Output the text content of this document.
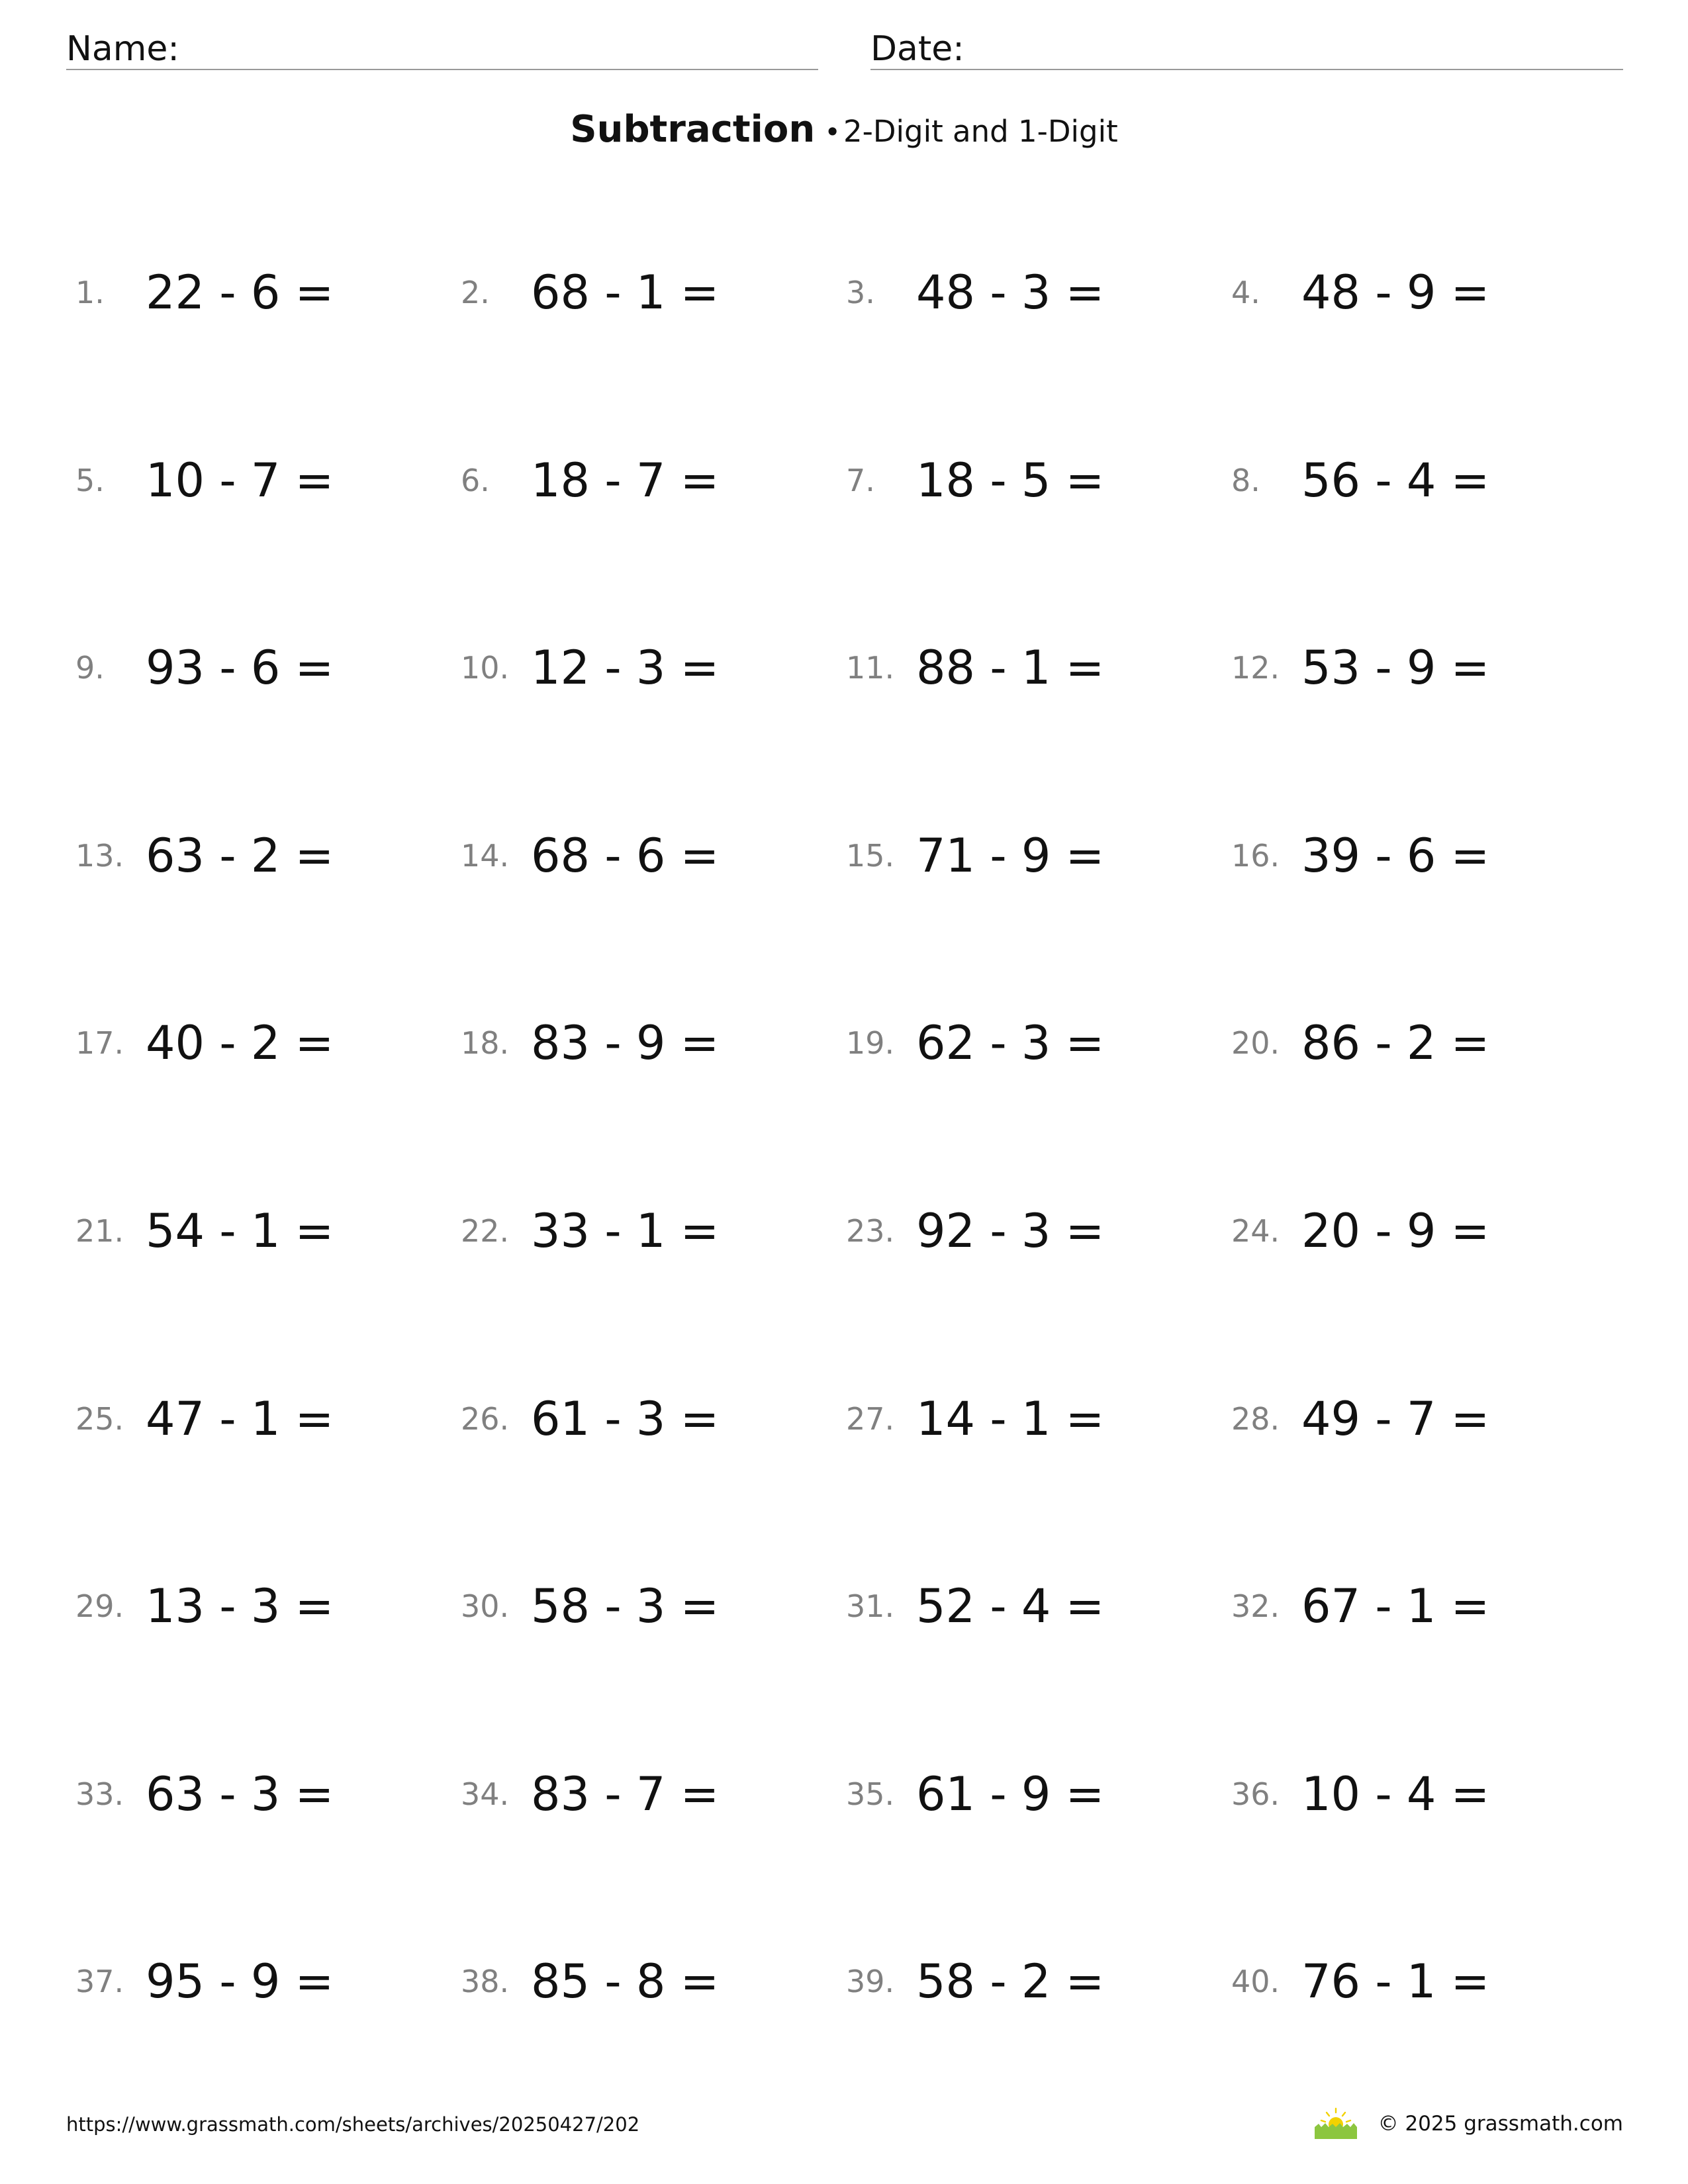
Name:	Date:
Subtraction •2-Digit and 1-Digit
1. 22 - 6 =	2. 68 - 1 =	3. 48 - 3 =	4. 48 - 9 =
5. 10 - 7 =	6. 18 - 7 =	7. 18 - 5 =	8. 56 - 4 =
9. 93 - 6 =	10. 12 - 3 =	11. 88 - 1 =	12. 53 - 9 =
13. 63 - 2 =	14. 68 - 6 =	15. 71 - 9 =	16. 39 - 6 =
17. 40 - 2 =	18. 83 - 9 =	19. 62 - 3 =	20. 86 - 2 =
21. 54 - 1 =	22. 33 - 1 =	23. 92 - 3 =	24. 20 - 9 =
25. 47 - 1 =	26. 61 - 3 =	27. 14 - 1 =	28. 49 - 7 =
29. 13 - 3 =	30. 58 - 3 =	31. 52 - 4 =	32. 67 - 1 =
33. 63 - 3 =	34. 83 - 7 =	35. 61 - 9 =	36. 10 - 4 =
37. 95 - 9 =	38. 85 - 8 =	39. 58 - 2 =	40. 76 - 1 =
https://www.grassmath.com/sheets/archives/20250427/202	© 2025 grassmath.com
